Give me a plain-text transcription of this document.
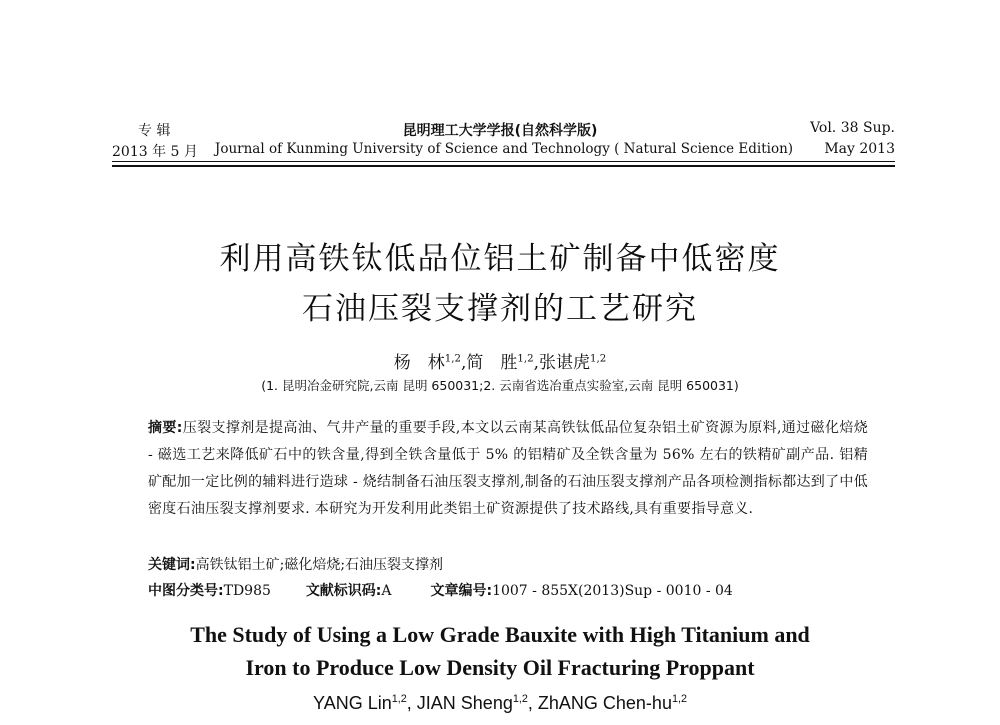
专 辑
2013 年 5 月
昆明理工大学学报(自然科学版)
Journal of Kunming University of Science and Technology ( Natural Science Edition)
Vol. 38 Sup.
May 2013
利用高铁钛低品位铝土矿制备中低密度
石油压裂支撑剂的工艺研究
杨　林$^{1,2}$,简　胜$^{1,2}$,张谌虎$^{1,2}$
(1. 昆明冶金研究院,云南 昆明 650031;2. 云南省选冶重点实验室,云南 昆明 650031)
摘要:压裂支撑剂是提高油、气井产量的重要手段,本文以云南某高铁钛低品位复杂铝土矿资源为原料,通过磁化焙烧 - 磁选工艺来降低矿石中的铁含量,得到全铁含量低于 5% 的铝精矿及全铁含量为 56% 左右的铁精矿副产品. 铝精矿配加一定比例的辅料进行造球 - 烧结制备石油压裂支撑剂,制备的石油压裂支撑剂产品各项检测指标都达到了中低密度石油压裂支撑剂要求. 本研究为开发利用此类铝土矿资源提供了技术路线,具有重要指导意义.
关键词:高铁钛铝土矿;磁化焙烧;石油压裂支撑剂
中图分类号:TD985 文献标识码:A	文章编号:1007 - 855X(2013)Sup - 0010 - 04
The Study of Using a Low Grade Bauxite with High Titanium and
Iron to Produce Low Density Oil Fracturing Proppant
YANG Lin$^{1,2}$, JIAN Sheng$^{1,2}$, ZhANG Chen-hu$^{1,2}$
